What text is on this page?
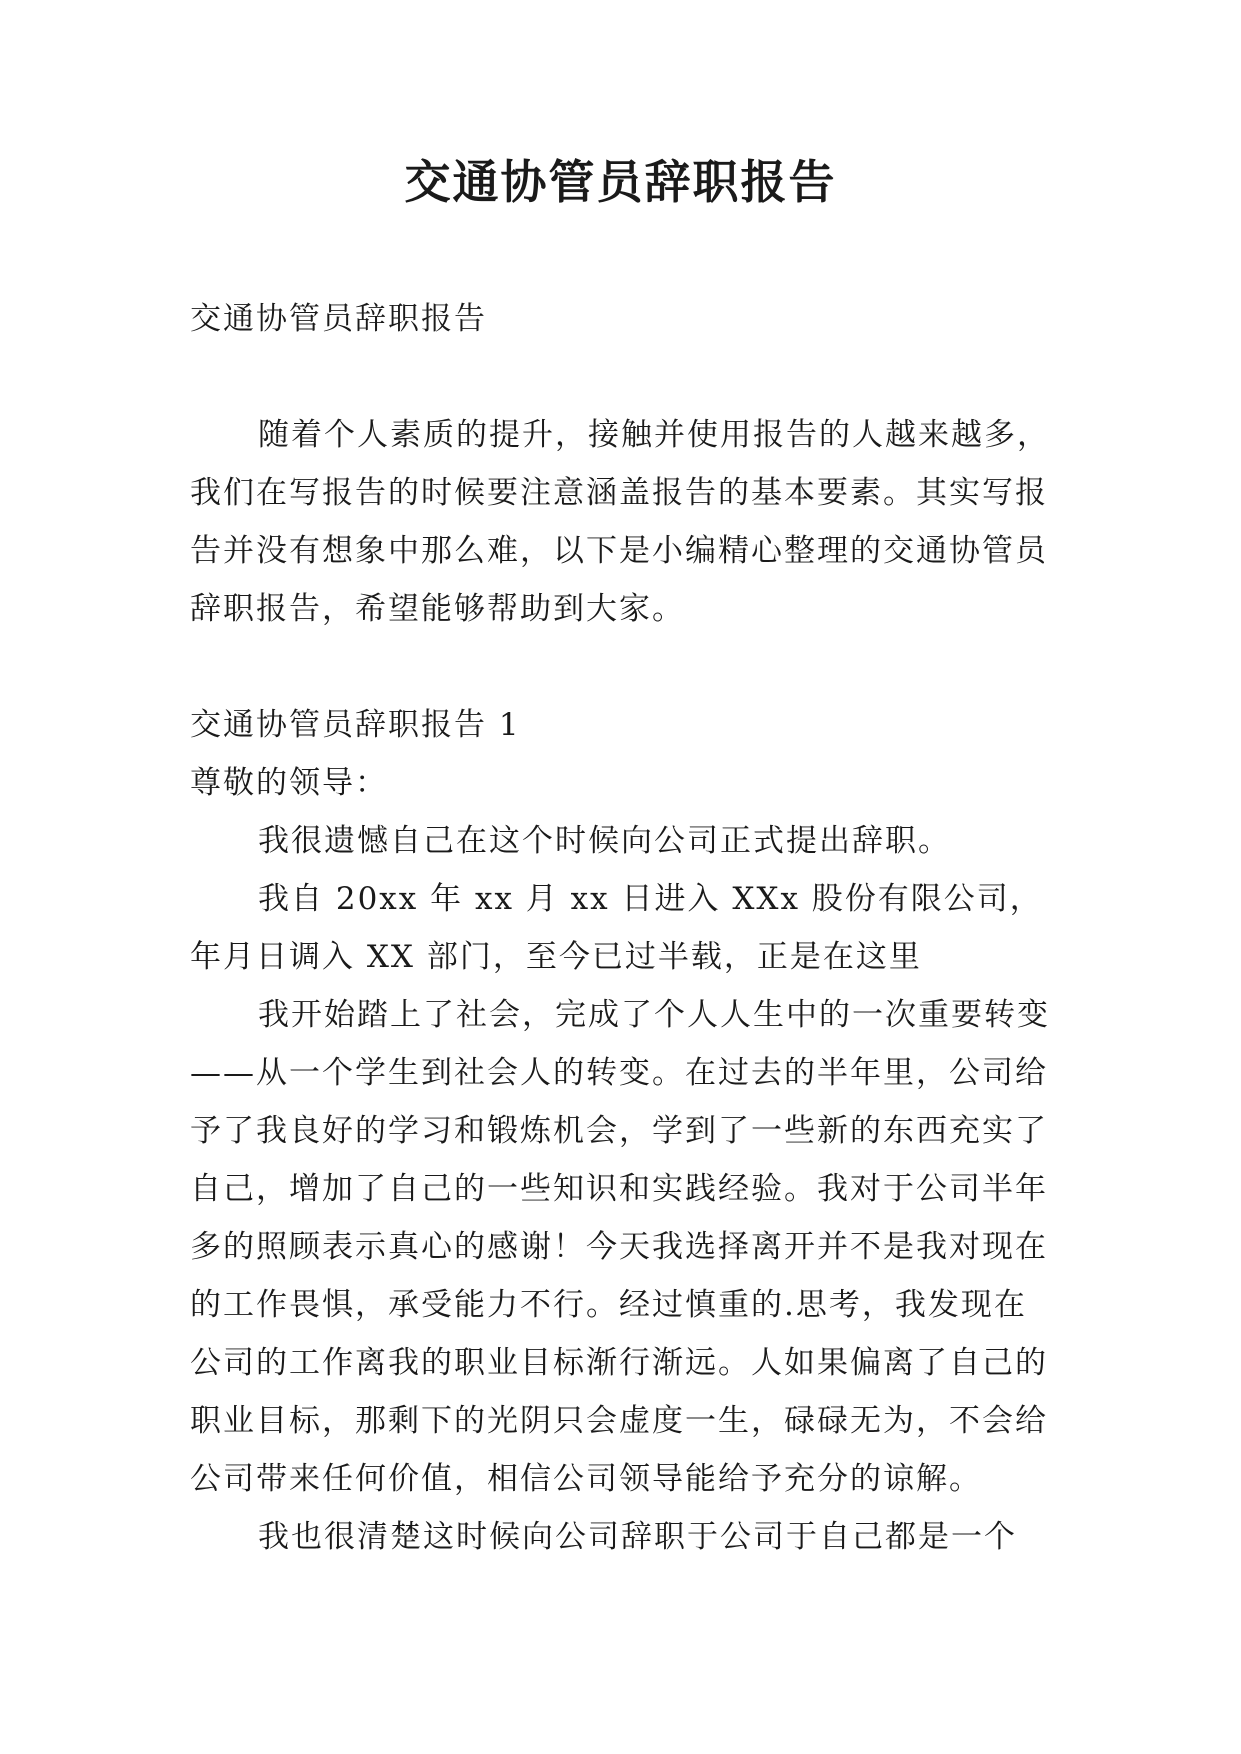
交通协管员辞职报告

交通协管员辞职报告

随着个人素质的提升，接触并使用报告的人越来越多，我们在写报告的时候要注意涵盖报告的基本要素。其实写报告并没有想象中那么难，以下是小编精心整理的交通协管员辞职报告，希望能够帮助到大家。

交通协管员辞职报告 1

尊敬的领导：

我很遗憾自己在这个时候向公司正式提出辞职。

我自 20xx 年 xx 月 xx 日进入 XXx 股份有限公司，年月日调入 XX 部门，至今已过半载，正是在这里

我开始踏上了社会，完成了个人人生中的一次重要转变——从一个学生到社会人的转变。在过去的半年里，公司给予了我良好的学习和锻炼机会，学到了一些新的东西充实了自己，增加了自己的一些知识和实践经验。我对于公司半年多的照顾表示真心的感谢！今天我选择离开并不是我对现在的工作畏惧，承受能力不行。经过慎重的.思考，我发现在公司的工作离我的职业目标渐行渐远。人如果偏离了自己的职业目标，那剩下的光阴只会虚度一生，碌碌无为，不会给公司带来任何价值，相信公司领导能给予充分的谅解。

我也很清楚这时候向公司辞职于公司于自己都是一个
